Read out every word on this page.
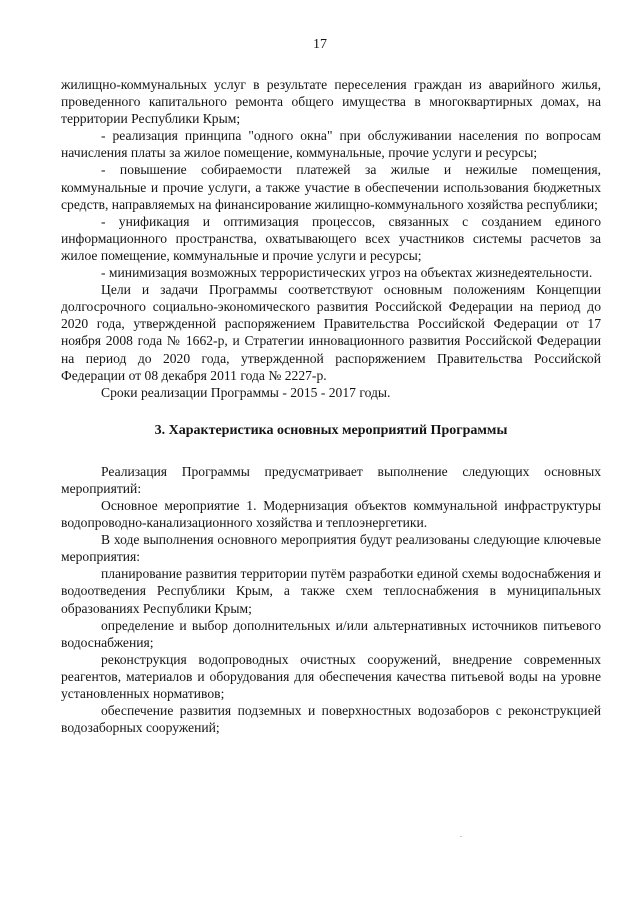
17

жилищно-коммунальных услуг в результате переселения граждан из аварийного жилья, проведенного капитального ремонта общего имущества в многоквартирных домах, на территории Республики Крым;

- реализация принципа "одного окна" при обслуживании населения по вопросам начисления платы за жилое помещение, коммунальные, прочие услуги и ресурсы;

- повышение собираемости платежей за жилые и нежилые помещения, коммунальные и прочие услуги, а также участие в обеспечении использования бюджетных средств, направляемых на финансирование жилищно-коммунального хозяйства республики;

- унификация и оптимизация процессов, связанных с созданием единого информационного пространства, охватывающего всех участников системы расчетов за жилое помещение, коммунальные и прочие услуги и ресурсы;

- минимизация возможных террористических угроз на объектах жизнедеятельности.

Цели и задачи Программы соответствуют основным положениям Концепции долгосрочного социально-экономического развития Российской Федерации на период до 2020 года, утвержденной распоряжением Правительства Российской Федерации от 17 ноября 2008 года № 1662-р, и Стратегии инновационного развития Российской Федерации на период до 2020 года, утвержденной распоряжением Правительства Российской Федерации от 08 декабря 2011 года № 2227-р.

Сроки реализации Программы - 2015 - 2017 годы.

3. Характеристика основных мероприятий Программы

Реализация Программы предусматривает выполнение следующих основных мероприятий:

Основное мероприятие 1. Модернизация объектов коммунальной инфраструктуры водопроводно-канализационного хозяйства и теплоэнергетики.

В ходе выполнения основного мероприятия будут реализованы следующие ключевые мероприятия:

планирование развития территории путём разработки единой схемы водоснабжения и водоотведения Республики Крым, а также схем теплоснабжения в муниципальных образованиях Республики Крым;

определение и выбор дополнительных и/или альтернативных источников питьевого водоснабжения;

реконструкция водопроводных очистных сооружений, внедрение современных реагентов, материалов и оборудования для обеспечения качества питьевой воды на уровне установленных нормативов;

обеспечение развития подземных и поверхностных водозаборов с реконструкцией водозаборных сооружений;
